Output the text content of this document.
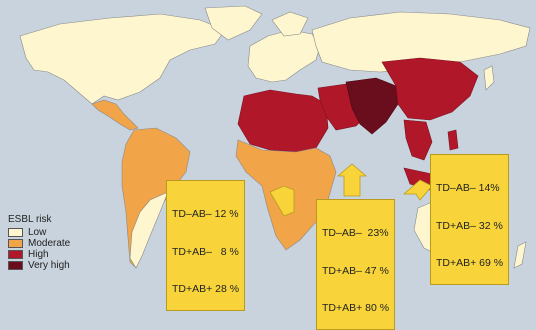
TD–AB– 12 %

TD+AB–   8 %

TD+AB+ 28 %

TD–AB–  23%

TD+AB– 47 %

TD+AB+ 80 %

TD–AB– 14%

TD+AB– 32 %

TD+AB+ 69 %

ESBL risk
Low
Moderate
High
Very high
